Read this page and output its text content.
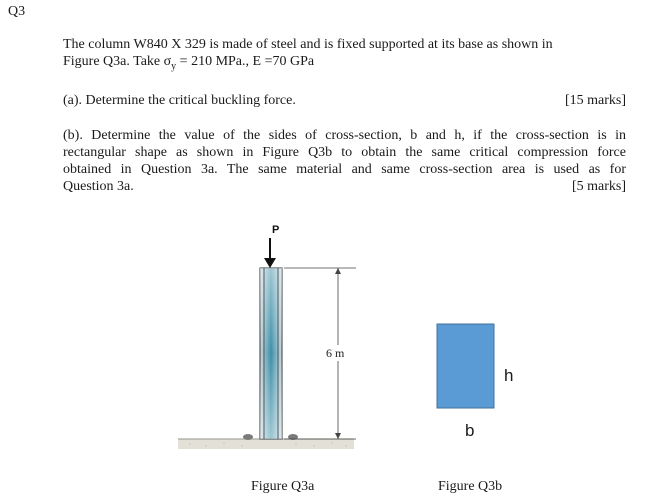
Q3
The column W840 X 329 is made of steel and is fixed supported at its base as shown in
Figure Q3a. Take $\sigma_y = 210$ MPa., E =70 GPa
(a). Determine the critical buckling force.	[15 marks]
(b). Determine the value of the sides of cross-section, b and h, if the cross-section is in
rectangular shape as shown in Figure Q3b to obtain the same critical compression force
obtained in Question 3a. The same material and same cross-section area is used as for
Question 3a.	[5 marks]
P
6 m
h
b
Figure Q3a	Figure Q3b
